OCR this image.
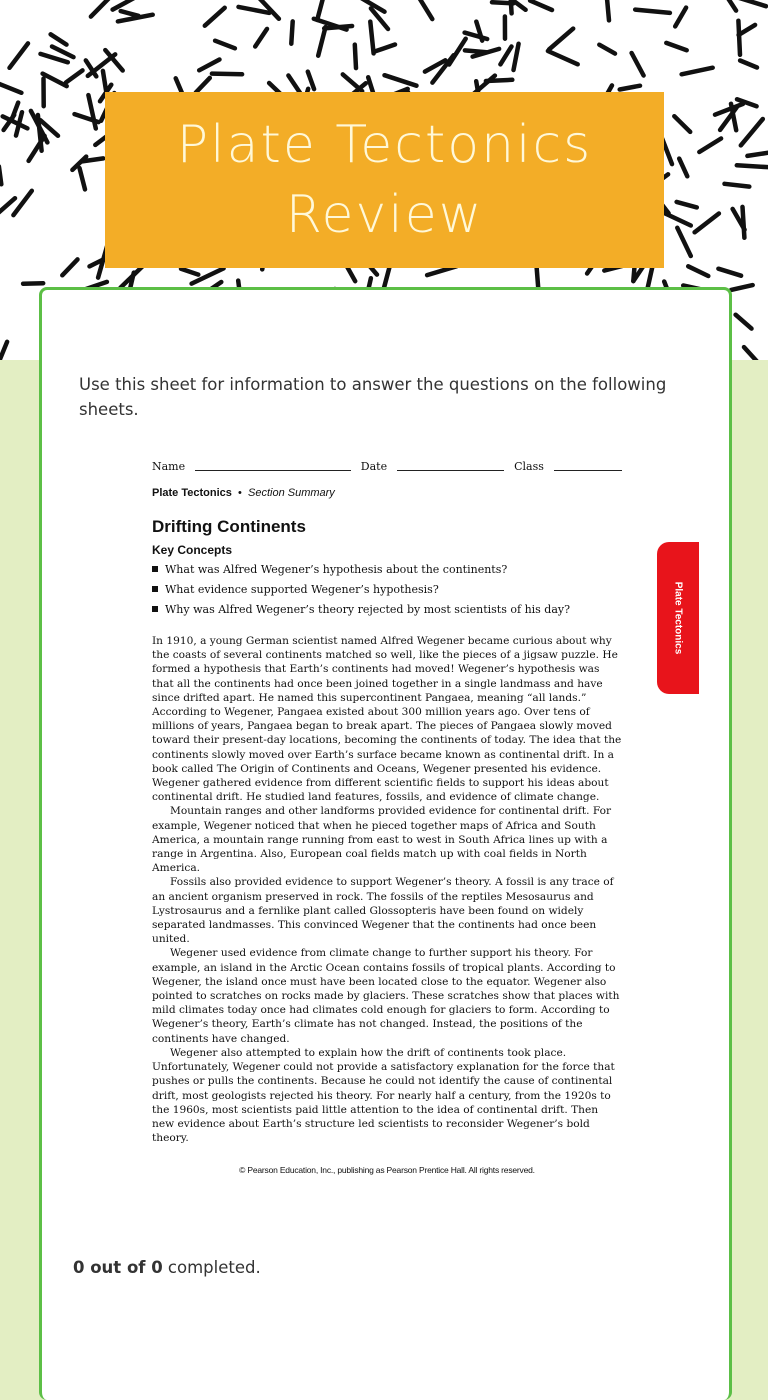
Plate Tectonics
Review
Use this sheet for information to answer the questions on the following sheets.
Name	Date	Class
Plate Tectonics • Section Summary
Drifting Continents
Key Concepts
What was Alfred Wegener’s hypothesis about the continents?
What evidence supported Wegener’s hypothesis?
Why was Alfred Wegener’s theory rejected by most scientists of his day?

In 1910, a young German scientist named Alfred Wegener became curious about why the coasts of several continents matched so well, like the pieces of a jigsaw puzzle. He formed a hypothesis that Earth’s continents had moved! Wegener’s hypothesis was that all the continents had once been joined together in a single landmass and have since drifted apart. He named this supercontinent Pangaea, meaning “all lands.” According to Wegener, Pangaea existed about 300 million years ago. Over tens of millions of years, Pangaea began to break apart. The pieces of Pangaea slowly moved toward their present-day locations, becoming the continents of today. The idea that the continents slowly moved over Earth’s surface became known as continental drift. In a book called The Origin of Continents and Oceans, Wegener presented his evidence. Wegener gathered evidence from different scientific fields to support his ideas about continental drift. He studied land features, fossils, and evidence of climate change.

Mountain ranges and other landforms provided evidence for continental drift. For example, Wegener noticed that when he pieced together maps of Africa and South America, a mountain range running from east to west in South Africa lines up with a range in Argentina. Also, European coal fields match up with coal fields in North America.

Fossils also provided evidence to support Wegener’s theory. A fossil is any trace of an ancient organism preserved in rock. The fossils of the reptiles Mesosaurus and Lystrosaurus and a fernlike plant called Glossopteris have been found on widely separated landmasses. This convinced Wegener that the continents had once been united.

Wegener used evidence from climate change to further support his theory. For example, an island in the Arctic Ocean contains fossils of tropical plants. According to Wegener, the island once must have been located close to the equator. Wegener also pointed to scratches on rocks made by glaciers. These scratches show that places with mild climates today once had climates cold enough for glaciers to form. According to Wegener’s theory, Earth’s climate has not changed. Instead, the positions of the continents have changed.

Wegener also attempted to explain how the drift of continents took place. Unfortunately, Wegener could not provide a satisfactory explanation for the force that pushes or pulls the continents. Because he could not identify the cause of continental drift, most geologists rejected his theory. For nearly half a century, from the 1920s to the 1960s, most scientists paid little attention to the idea of continental drift. Then new evidence about Earth’s structure led scientists to reconsider Wegener’s bold theory.

© Pearson Education, Inc., publishing as Pearson Prentice Hall. All rights reserved.
Plate Tectonics
0 out of 0 completed.
